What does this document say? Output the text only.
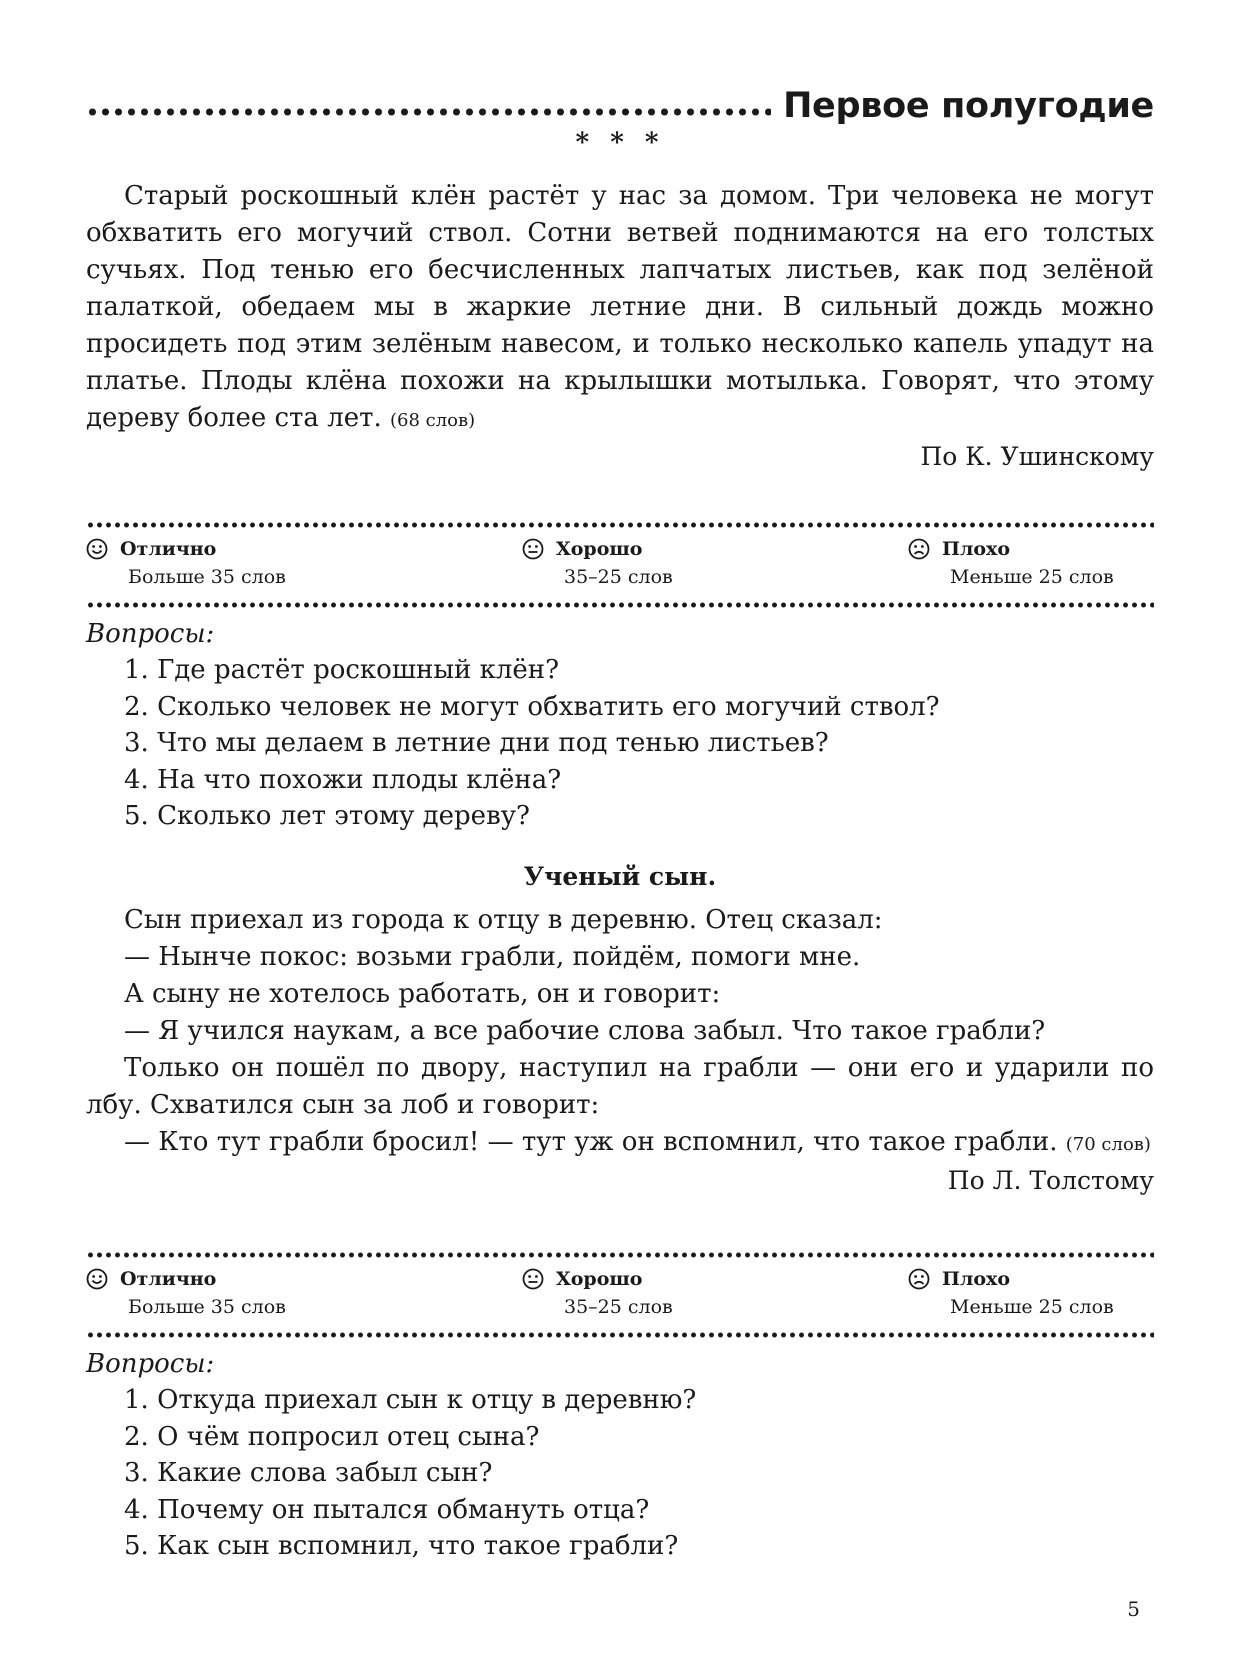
Первое полугодие
* * *

Старый роскошный клён растёт у нас за домом. Три человека не могут обхватить его могучий ствол. Сотни ветвей поднимаются на его толстых сучьях. Под тенью его бесчисленных лапчатых листьев, как под зелёной палаткой, обедаем мы в жаркие летние дни. В сильный дождь можно просидеть под этим зелёным навесом, и только несколько капель упадут на платье. Плоды клёна похожи на крылышки мотылька. Говорят, что этому дереву более ста лет. (68 слов)

По К. Ушинскому
Отлично
Больше 35 слов
Хорошо
35–25 слов
Плохо
Меньше 25 слов

Вопросы:

1. Где растёт роскошный клён?
2. Сколько человек не могут обхватить его могучий ствол?
3. Что мы делаем в летние дни под тенью листьев?
4. На что похожи плоды клёна?
5. Сколько лет этому дереву?
Ученый сын.

Сын приехал из города к отцу в деревню. Отец сказал:

— Нынче покос: возьми грабли, пойдём, помоги мне.

А сыну не хотелось работать, он и говорит:

— Я учился наукам, а все рабочие слова забыл. Что такое грабли?

Только он пошёл по двору, наступил на грабли — они его и ударили по лбу. Схватился сын за лоб и говорит:

— Кто тут грабли бросил! — тут уж он вспомнил, что такое грабли. (70 слов)

По Л. Толстому
Отлично
Больше 35 слов
Хорошо
35–25 слов
Плохо
Меньше 25 слов

Вопросы:

1. Откуда приехал сын к отцу в деревню?
2. О чём попросил отец сына?
3. Какие слова забыл сын?
4. Почему он пытался обмануть отца?
5. Как сын вспомнил, что такое грабли?
5
